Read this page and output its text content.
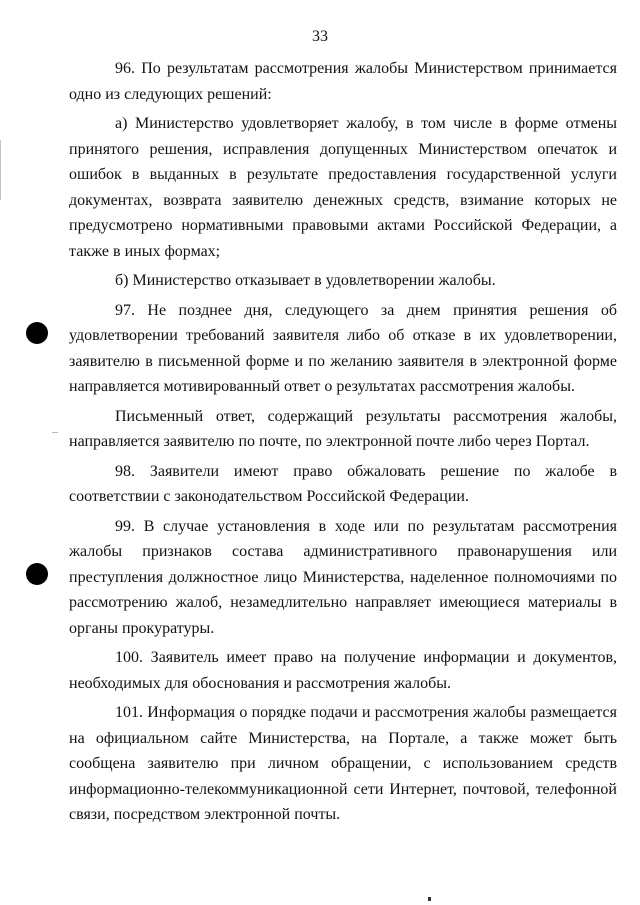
33

96. По результатам рассмотрения жалобы Министерством принимается одно из следующих решений:

а) Министерство удовлетворяет жалобу, в том числе в форме отмены принятого решения, исправления допущенных Министерством опечаток и ошибок в выданных в результате предоставления государственной услуги документах, возврата заявителю денежных средств, взимание которых не предусмотрено нормативными правовыми актами Российской Федерации, а также в иных формах;

б) Министерство отказывает в удовлетворении жалобы.

97. Не позднее дня, следующего за днем принятия решения об удовлетворении требований заявителя либо об отказе в их удовлетворении, заявителю в письменной форме и по желанию заявителя в электронной форме направляется мотивированный ответ о результатах рассмотрения жалобы.

Письменный ответ, содержащий результаты рассмотрения жалобы, направляется заявителю по почте, по электронной почте либо через Портал.

98. Заявители имеют право обжаловать решение по жалобе в соответствии с законодательством Российской Федерации.

99. В случае установления в ходе или по результатам рассмотрения жалобы признаков состава административного правонарушения или преступления должностное лицо Министерства, наделенное полномочиями по рассмотрению жалоб, незамедлительно направляет имеющиеся материалы в органы прокуратуры.

100. Заявитель имеет право на получение информации и документов, необходимых для обоснования и рассмотрения жалобы.

101. Информация о порядке подачи и рассмотрения жалобы размещается на официальном сайте Министерства, на Портале, а также может быть сообщена заявителю при личном обращении, с использованием средств информационно-телекоммуникационной сети Интернет, почтовой, телефонной связи, посредством электронной почты.
